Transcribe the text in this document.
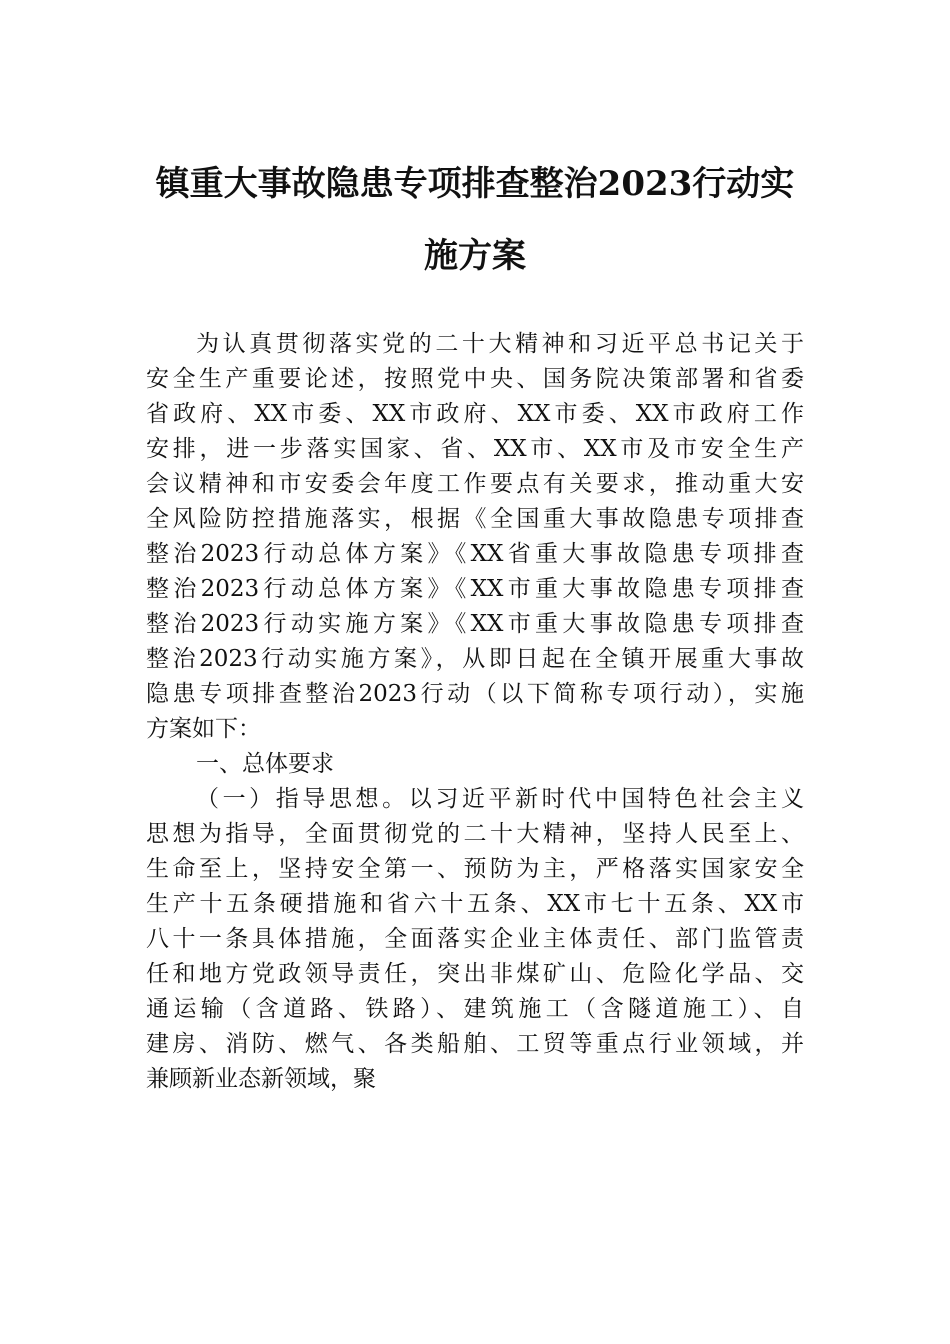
镇重大事故隐患专项排查整治2023行动实
施方案
为认真贯彻落实党的二十大精神和习近平总书记关于
安全生产重要论述，按照党中央、国务院决策部署和省委
省政府、XX市委、XX市政府、XX市委、XX市政府工作
安排，进一步落实国家、省、XX市、XX市及市安全生产
会议精神和市安委会年度工作要点有关要求，推动重大安
全风险防控措施落实，根据《全国重大事故隐患专项排查
整治2023行动总体方案》《XX省重大事故隐患专项排查
整治2023行动总体方案》《XX市重大事故隐患专项排查
整治2023行动实施方案》《XX市重大事故隐患专项排查
整治2023行动实施方案》，从即日起在全镇开展重大事故
隐患专项排查整治2023行动（以下简称专项行动），实施
方案如下：
一、总体要求
（一）指导思想。以习近平新时代中国特色社会主义
思想为指导，全面贯彻党的二十大精神，坚持人民至上、
生命至上，坚持安全第一、预防为主，严格落实国家安全
生产十五条硬措施和省六十五条、XX市七十五条、XX市
八十一条具体措施，全面落实企业主体责任、部门监管责
任和地方党政领导责任，突出非煤矿山、危险化学品、交
通运输（含道路、铁路）、建筑施工（含隧道施工）、自
建房、消防、燃气、各类船舶、工贸等重点行业领域，并
兼顾新业态新领域，聚
